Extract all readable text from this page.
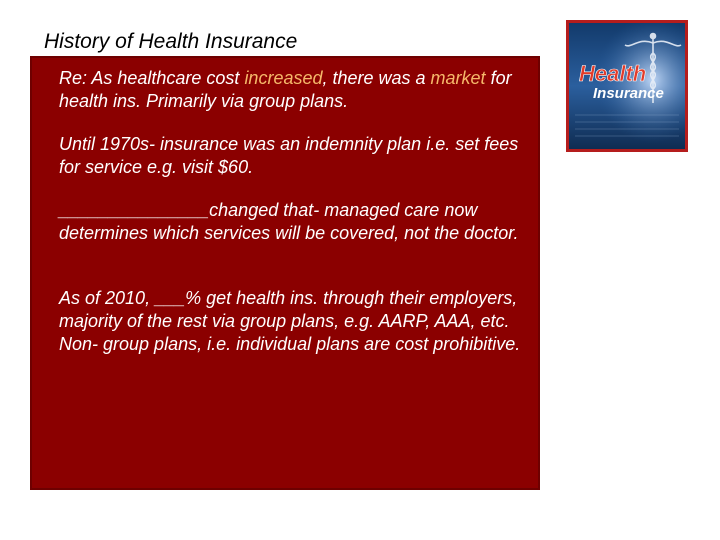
History of Health Insurance

Re: As healthcare cost increased, there was a market for health ins. Primarily via group plans.

Until 1970s- insurance was an indemnity plan i.e. set fees for service e.g. visit $60.

_______________changed that- managed care now determines which services will be covered, not the doctor.

As of 2010, ___% get health ins. through their employers, majority of the rest via group plans, e.g. AARP, AAA, etc. Non- group plans, i.e. individual plans are cost prohibitive.

Health
Insurance
